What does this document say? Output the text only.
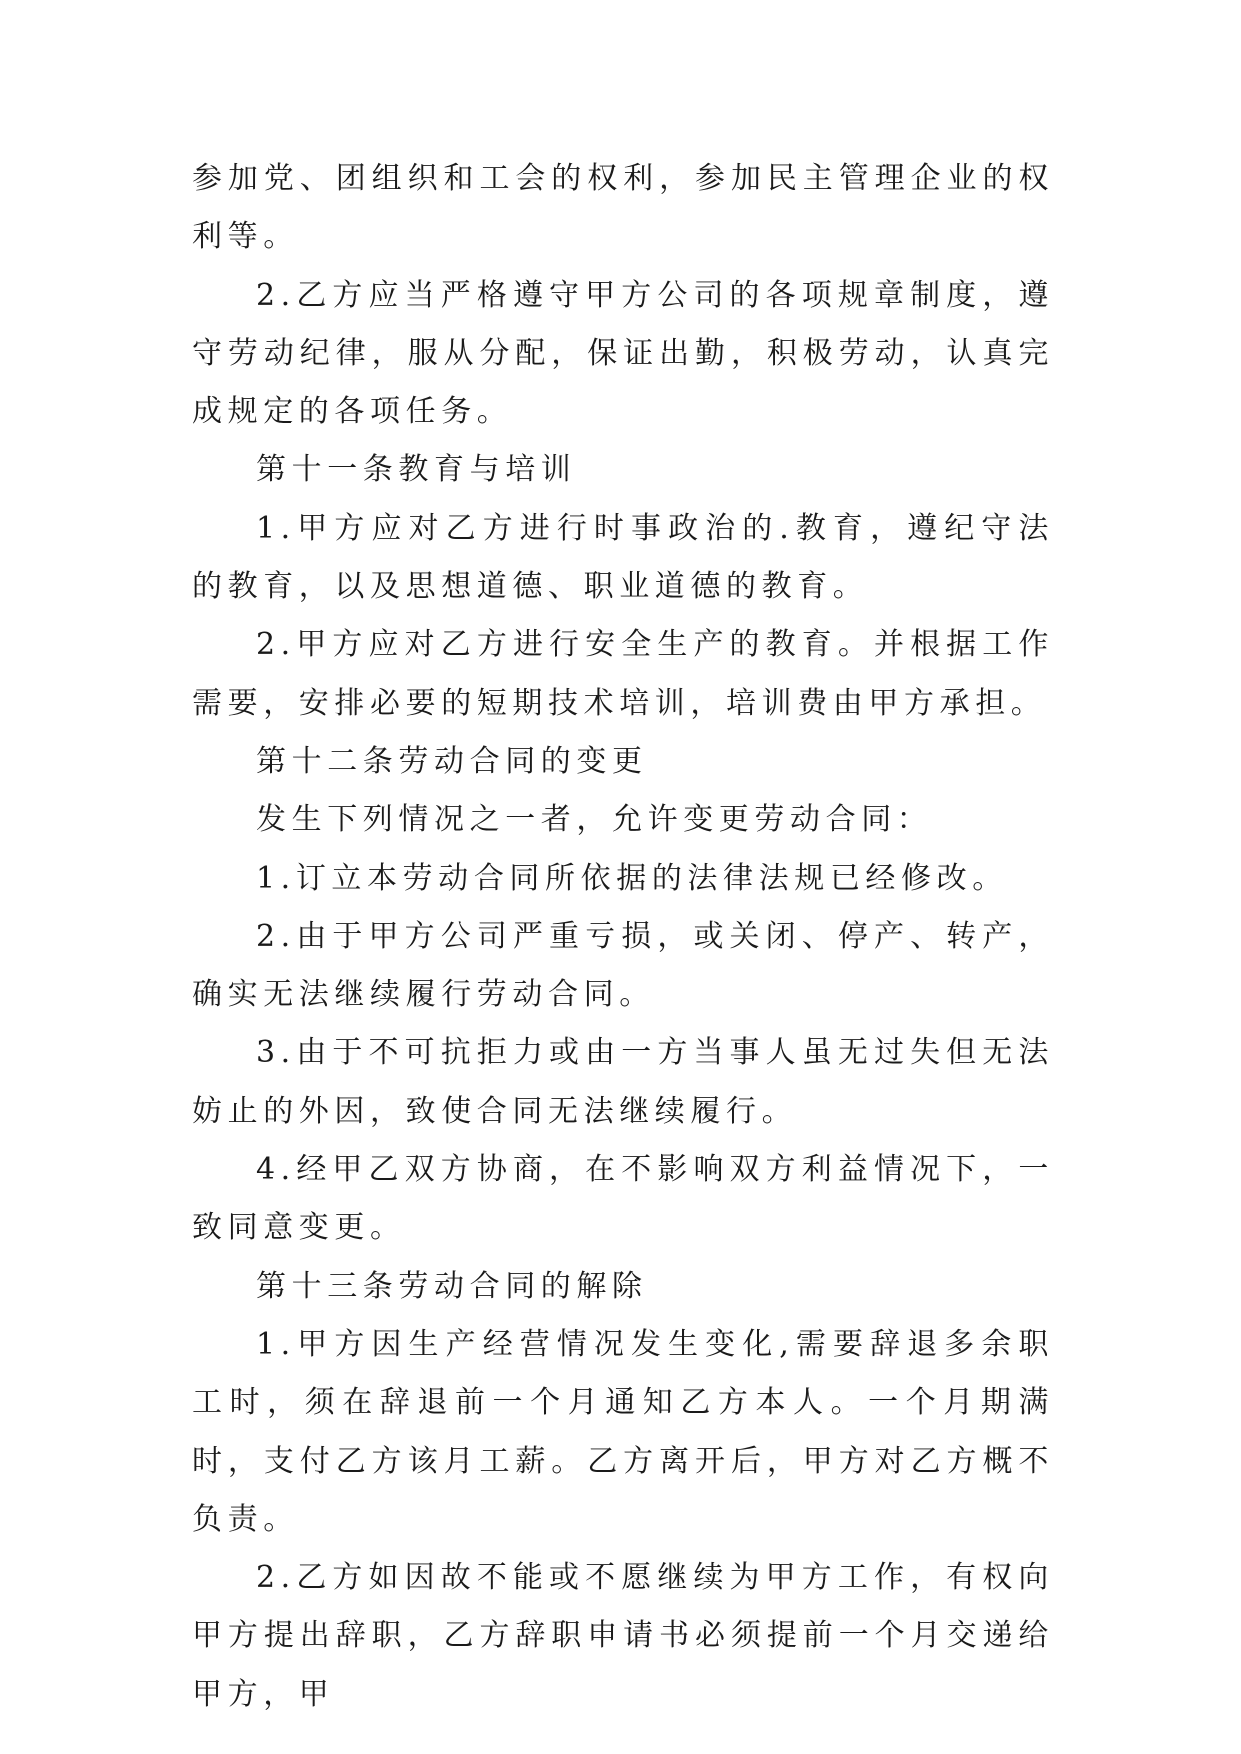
参加党、团组织和工会的权利，参加民主管理企业的权利等。

2.乙方应当严格遵守甲方公司的各项规章制度，遵守劳动纪律，服从分配，保证出勤，积极劳动，认真完成规定的各项任务。

第十一条教育与培训

1.甲方应对乙方进行时事政治的.教育，遵纪守法的教育，以及思想道德、职业道德的教育。

2.甲方应对乙方进行安全生产的教育。并根据工作需要，安排必要的短期技术培训，培训费由甲方承担。

第十二条劳动合同的变更

发生下列情况之一者，允许变更劳动合同：

1.订立本劳动合同所依据的法律法规已经修改。

2.由于甲方公司严重亏损，或关闭、停产、转产，确实无法继续履行劳动合同。

3.由于不可抗拒力或由一方当事人虽无过失但无法妨止的外因，致使合同无法继续履行。

4.经甲乙双方协商，在不影响双方利益情况下，一致同意变更。

第十三条劳动合同的解除

1.甲方因生产经营情况发生变化,需要辞退多余职工时，须在辞退前一个月通知乙方本人。一个月期满时，支付乙方该月工薪。乙方离开后，甲方对乙方概不负责。

2.乙方如因故不能或不愿继续为甲方工作，有权向甲方提出辞职，乙方辞职申请书必须提前一个月交递给甲方，甲
